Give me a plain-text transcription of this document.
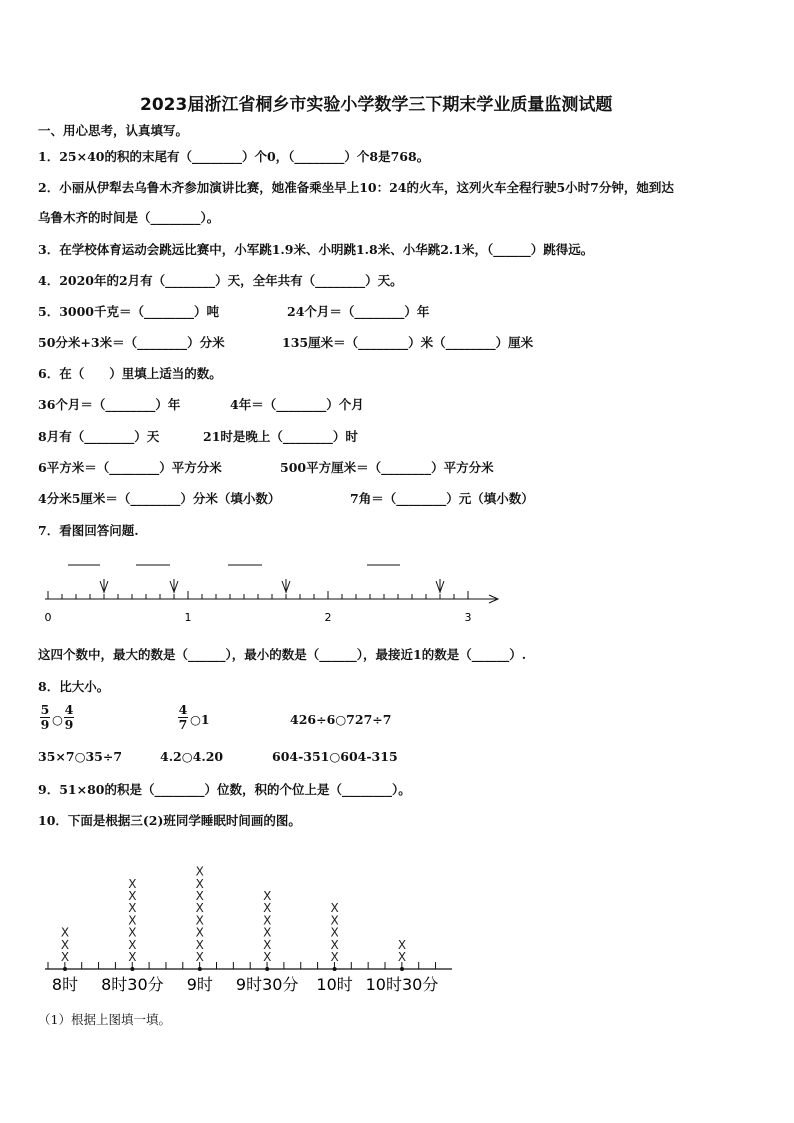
2023届浙江省桐乡市实验小学数学三下期末学业质量监测试题
一、用心思考，认真填写。
1．25×40的积的末尾有（________）个0，（________）个8是768。
2．小丽从伊犁去乌鲁木齐参加演讲比赛，她准备乘坐早上10：24的火车，这列火车全程行驶5小时7分钟，她到达
乌鲁木齐的时间是（________）。
3．在学校体育运动会跳远比赛中，小军跳1.9米、小明跳1.8米、小华跳2.1米，（______）跳得远。
4．2020年的2月有（________）天，全年共有（________）天。
5．3000千克＝（________）吨	24个月＝（________）年
50分米+3米＝（________）分米	135厘米＝（________）米（________）厘米
6．在（　　）里填上适当的数。
36个月＝（________）年	4年＝（________）个月
8月有（________）天	21时是晚上（________）时
6平方米＝（________）平方分米	500平方厘米＝（________）平方分米
4分米5厘米＝（________）分米（填小数）	7角＝（________）元（填小数）
7．看图回答问题.
0	1	2	3
这四个数中，最大的数是（______），最小的数是（______），最接近1的数是（______）.
8．比大小。
5
9 ○
4
9
4
7 ○1	426÷6○727÷7
35×7○35÷7	4.2○4.20	604-351○604-315
9．51×80的积是（________）位数，积的个位上是（________）。
10．下面是根据三(2)班同学睡眠时间画的图。
X
X
X
X
X
X
X
X
X
X
X
X
X
X
X
X
X
X
X
X
X
X
X
X
X
X
X
X
X
X
X
8时 8时30分 9时 9时30分 10时 10时30分
（1）根据上图填一填。
